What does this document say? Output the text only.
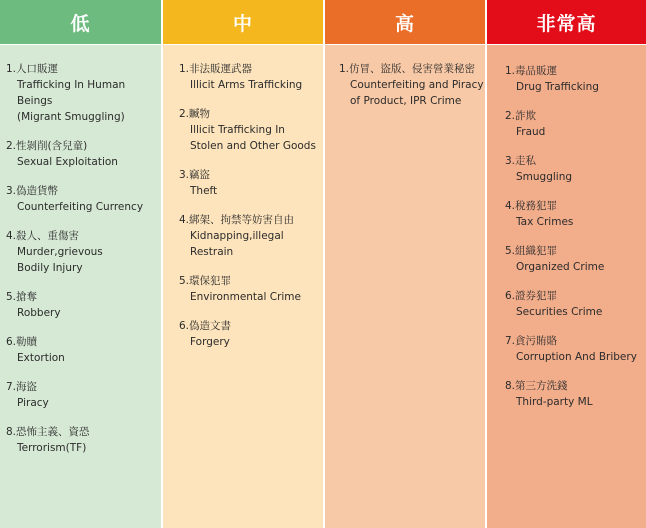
低
1.人口販運
Trafficking In Human Beings
(Migrant Smuggling)
2.性剝削(含兒童)
Sexual Exploitation
3.偽造貨幣
Counterfeiting Currency
4.殺人、重傷害
Murder,grievous
Bodily Injury
5.搶奪
Robbery
6.勒贖
Extortion
7.海盜
Piracy
8.恐怖主義、資恐
Terrorism(TF)
中
1.非法販運武器
Illicit Arms Trafficking
2.贓物
Illicit Trafficking In
Stolen and Other Goods
3.竊盜
Theft
4.綁架、拘禁等妨害自由
Kidnapping,illegal
Restrain
5.環保犯罪
Environmental Crime
6.偽造文書
Forgery
高
1.仿冒、盜版、侵害營業秘密
Counterfeiting and Piracy
of Product, IPR Crime
非常高
1.毒品販運
Drug Trafficking
2.詐欺
Fraud
3.走私
Smuggling
4.稅務犯罪
Tax Crimes
5.組織犯罪
Organized Crime
6.證券犯罪
Securities Crime
7.貪污賄賂
Corruption And Bribery
8.第三方洗錢
Third-party ML
